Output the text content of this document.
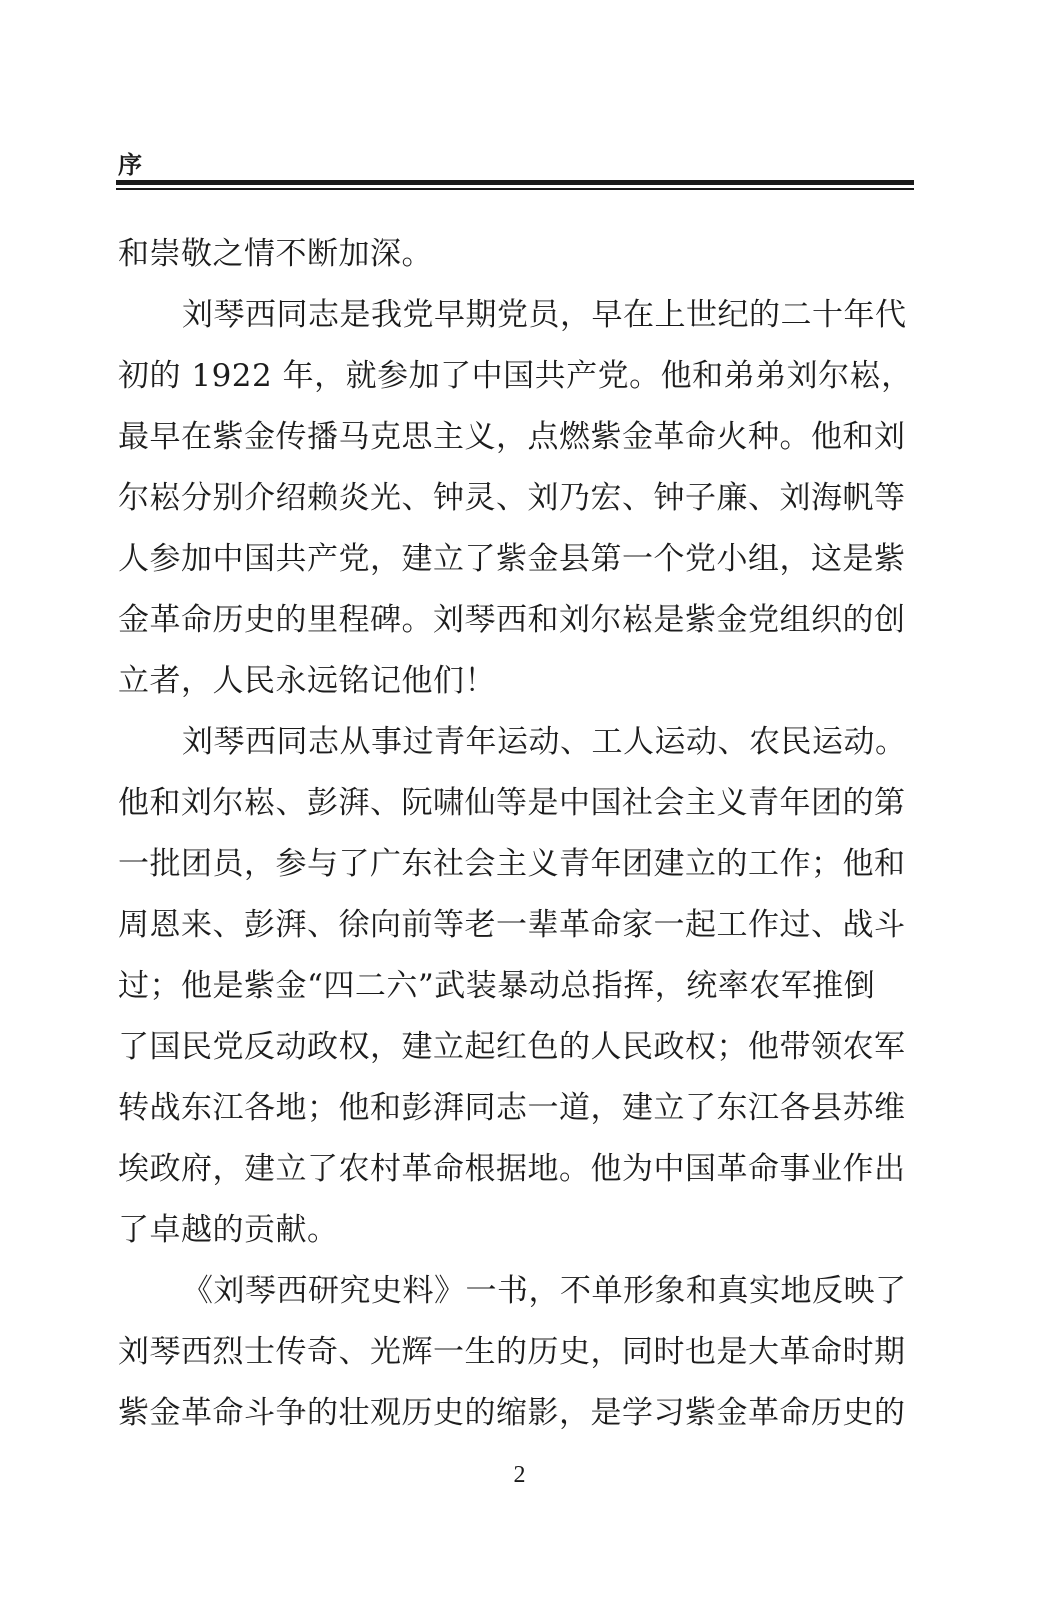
序
和崇敬之情不断加深。
刘琴西同志是我党早期党员，早在上世纪的二十年代
初的 1922 年，就参加了中国共产党。他和弟弟刘尔崧，
最早在紫金传播马克思主义，点燃紫金革命火种。他和刘
尔崧分别介绍赖炎光、钟灵、刘乃宏、钟子廉、刘海帆等
人参加中国共产党，建立了紫金县第一个党小组，这是紫
金革命历史的里程碑。刘琴西和刘尔崧是紫金党组织的创
立者，人民永远铭记他们！
刘琴西同志从事过青年运动、工人运动、农民运动。
他和刘尔崧、彭湃、阮啸仙等是中国社会主义青年团的第
一批团员，参与了广东社会主义青年团建立的工作；他和
周恩来、彭湃、徐向前等老一辈革命家一起工作过、战斗
过；他是紫金“四二六”武装暴动总指挥，统率农军推倒
了国民党反动政权，建立起红色的人民政权；他带领农军
转战东江各地；他和彭湃同志一道，建立了东江各县苏维
埃政府，建立了农村革命根据地。他为中国革命事业作出
了卓越的贡献。
《刘琴西研究史料》一书，不单形象和真实地反映了
刘琴西烈士传奇、光辉一生的历史，同时也是大革命时期
紫金革命斗争的壮观历史的缩影，是学习紫金革命历史的
2
